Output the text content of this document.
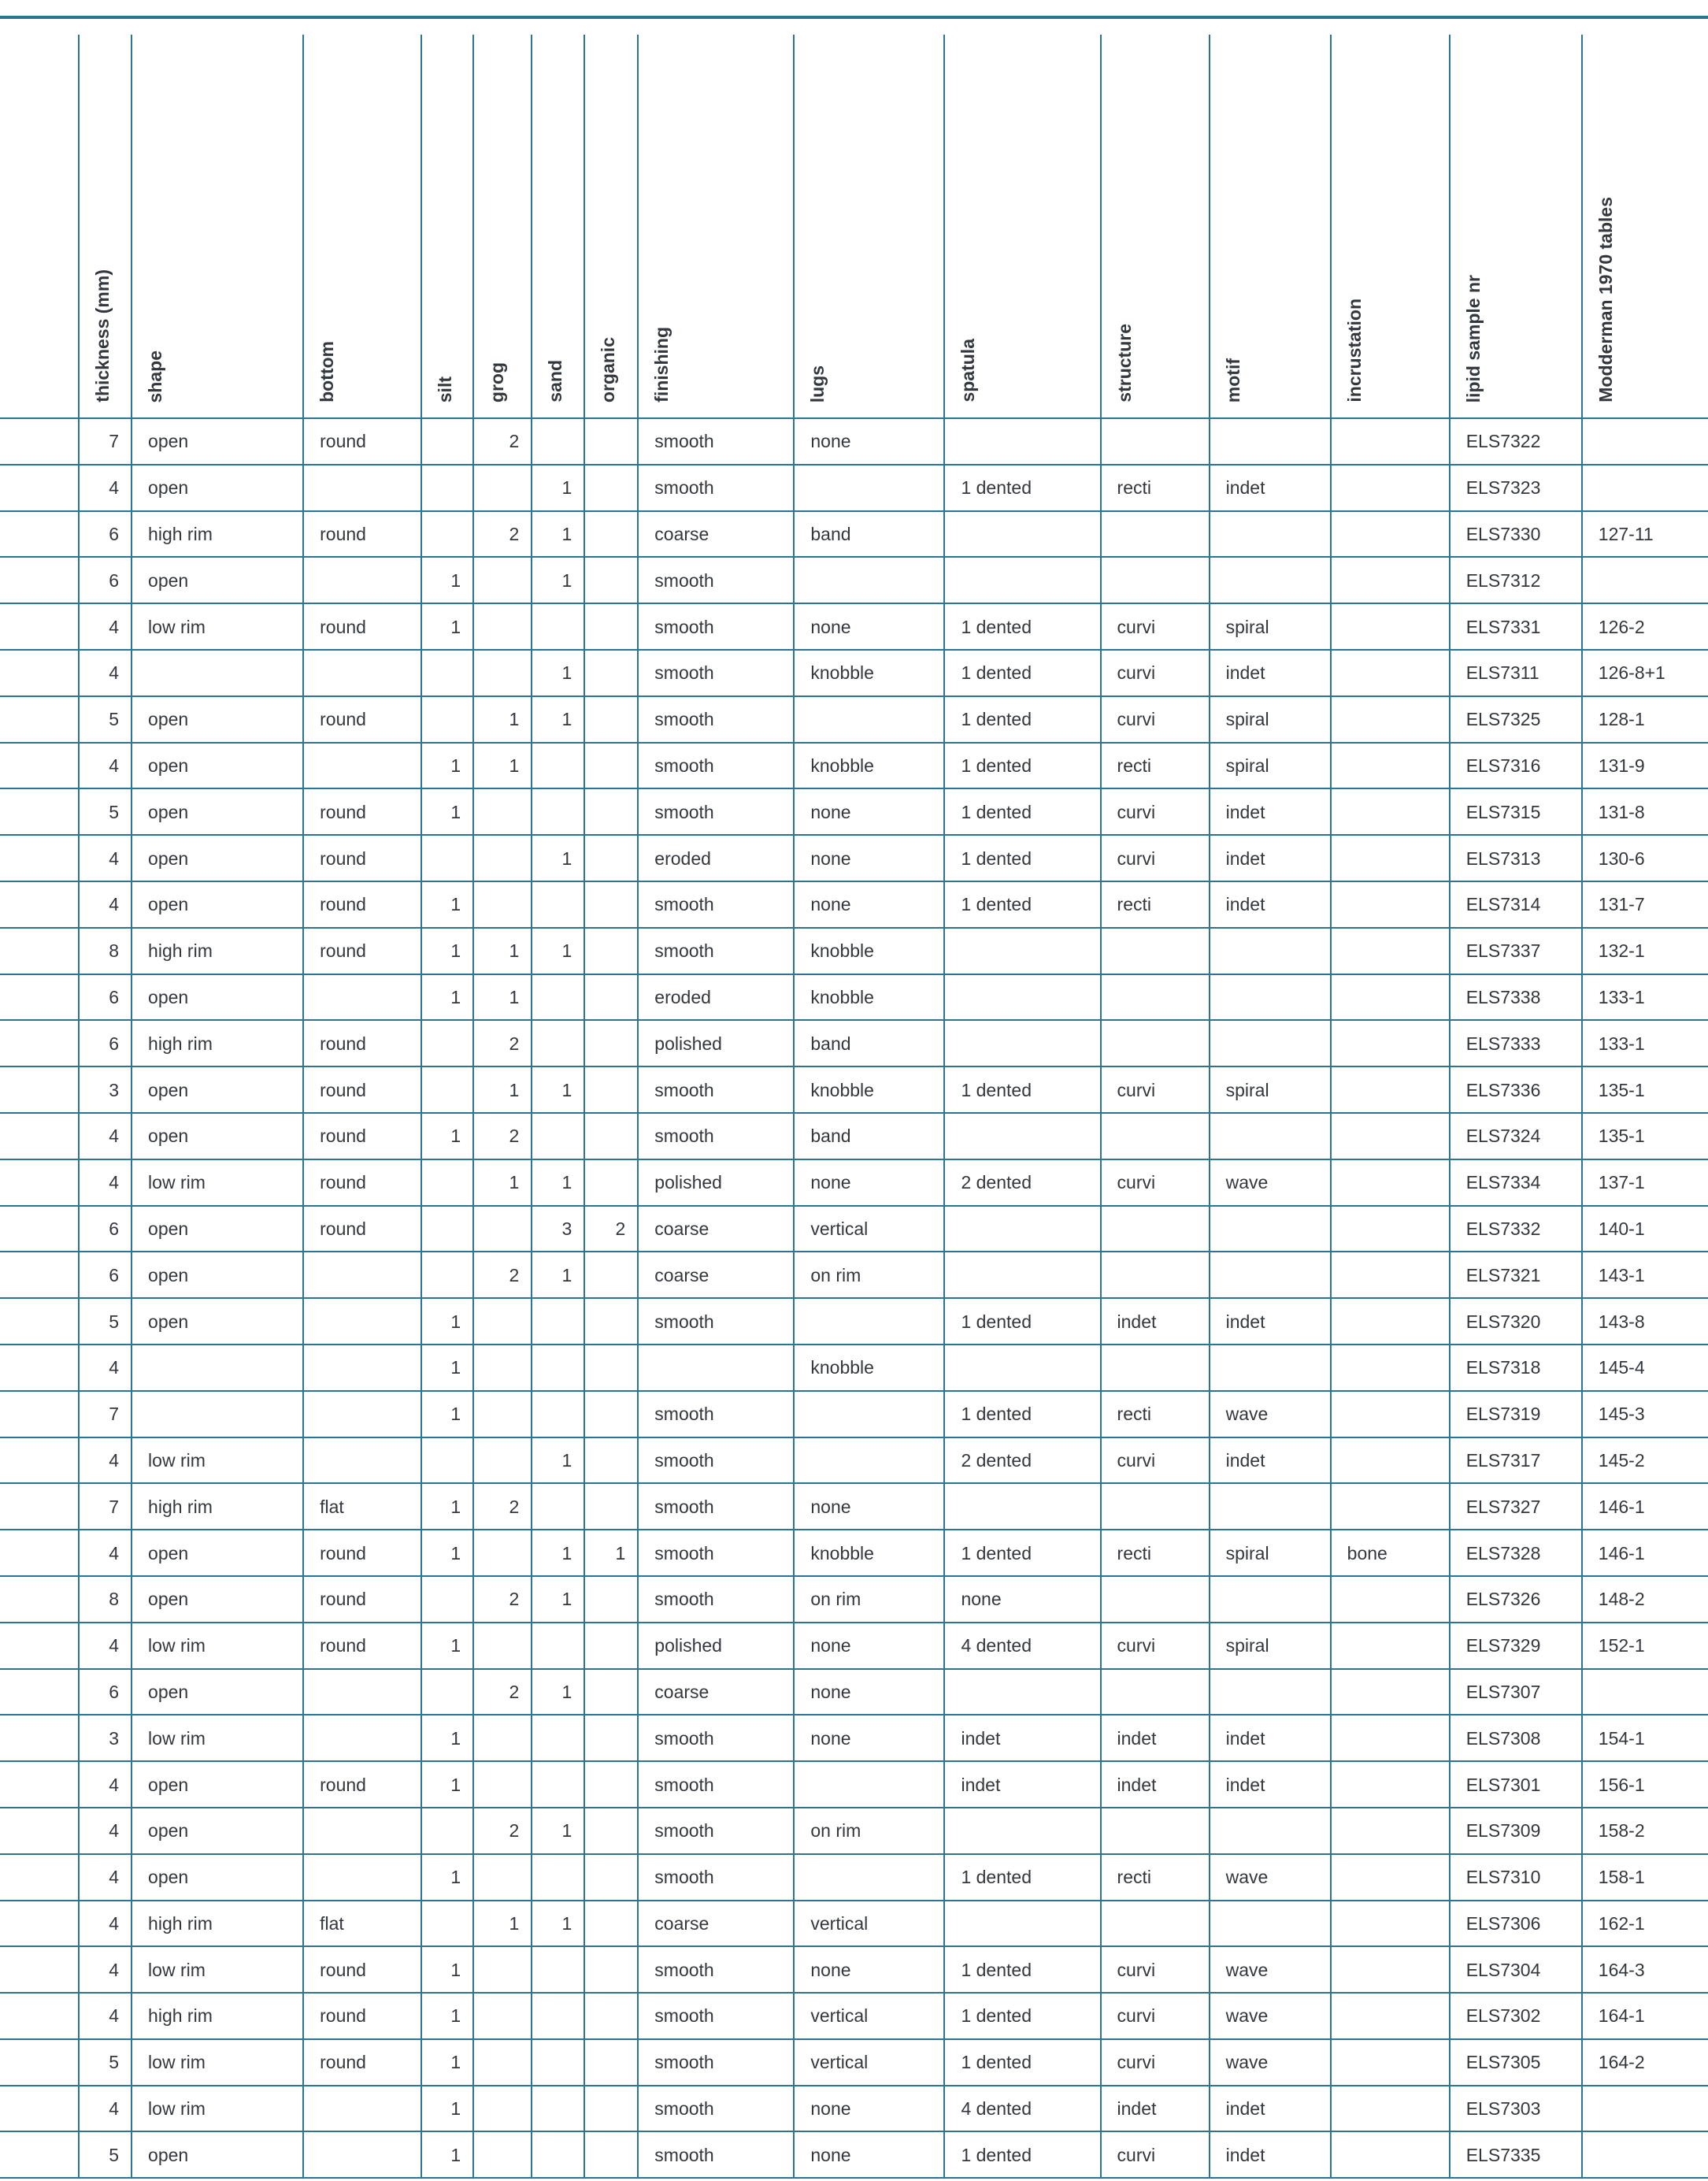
	thickness (mm)	shape	bottom	silt	grog	sand	organic	finishing	lugs	spatula	structure	motif	incrustation	lipid sample nr	Modderman 1970 tables
	7	open	round		2			smooth	none					ELS7322	
	4	open				1		smooth		1 dented	recti	indet		ELS7323	
	6	high rim	round		2	1		coarse	band					ELS7330	127-11
	6	open		1		1		smooth						ELS7312	
	4	low rim	round	1				smooth	none	1 dented	curvi	spiral		ELS7331	126-2
	4					1		smooth	knobble	1 dented	curvi	indet		ELS7311	126-8+1
	5	open	round		1	1		smooth		1 dented	curvi	spiral		ELS7325	128-1
	4	open		1	1			smooth	knobble	1 dented	recti	spiral		ELS7316	131-9
	5	open	round	1				smooth	none	1 dented	curvi	indet		ELS7315	131-8
	4	open	round			1		eroded	none	1 dented	curvi	indet		ELS7313	130-6
	4	open	round	1				smooth	none	1 dented	recti	indet		ELS7314	131-7
	8	high rim	round	1	1	1		smooth	knobble					ELS7337	132-1
	6	open		1	1			eroded	knobble					ELS7338	133-1
	6	high rim	round		2			polished	band					ELS7333	133-1
	3	open	round		1	1		smooth	knobble	1 dented	curvi	spiral		ELS7336	135-1
	4	open	round	1	2			smooth	band					ELS7324	135-1
	4	low rim	round		1	1		polished	none	2 dented	curvi	wave		ELS7334	137-1
	6	open	round			3	2	coarse	vertical					ELS7332	140-1
	6	open			2	1		coarse	on rim					ELS7321	143-1
	5	open		1				smooth		1 dented	indet	indet		ELS7320	143-8
	4			1					knobble					ELS7318	145-4
	7			1				smooth		1 dented	recti	wave		ELS7319	145-3
	4	low rim				1		smooth		2 dented	curvi	indet		ELS7317	145-2
	7	high rim	flat	1	2			smooth	none					ELS7327	146-1
	4	open	round	1		1	1	smooth	knobble	1 dented	recti	spiral	bone	ELS7328	146-1
	8	open	round		2	1		smooth	on rim	none				ELS7326	148-2
	4	low rim	round	1				polished	none	4 dented	curvi	spiral		ELS7329	152-1
	6	open			2	1		coarse	none					ELS7307	
	3	low rim		1				smooth	none	indet	indet	indet		ELS7308	154-1
	4	open	round	1				smooth		indet	indet	indet		ELS7301	156-1
	4	open			2	1		smooth	on rim					ELS7309	158-2
	4	open		1				smooth		1 dented	recti	wave		ELS7310	158-1
	4	high rim	flat		1	1		coarse	vertical					ELS7306	162-1
	4	low rim	round	1				smooth	none	1 dented	curvi	wave		ELS7304	164-3
	4	high rim	round	1				smooth	vertical	1 dented	curvi	wave		ELS7302	164-1
	5	low rim	round	1				smooth	vertical	1 dented	curvi	wave		ELS7305	164-2
	4	low rim		1				smooth	none	4 dented	indet	indet		ELS7303	
	5	open		1				smooth	none	1 dented	curvi	indet		ELS7335	
